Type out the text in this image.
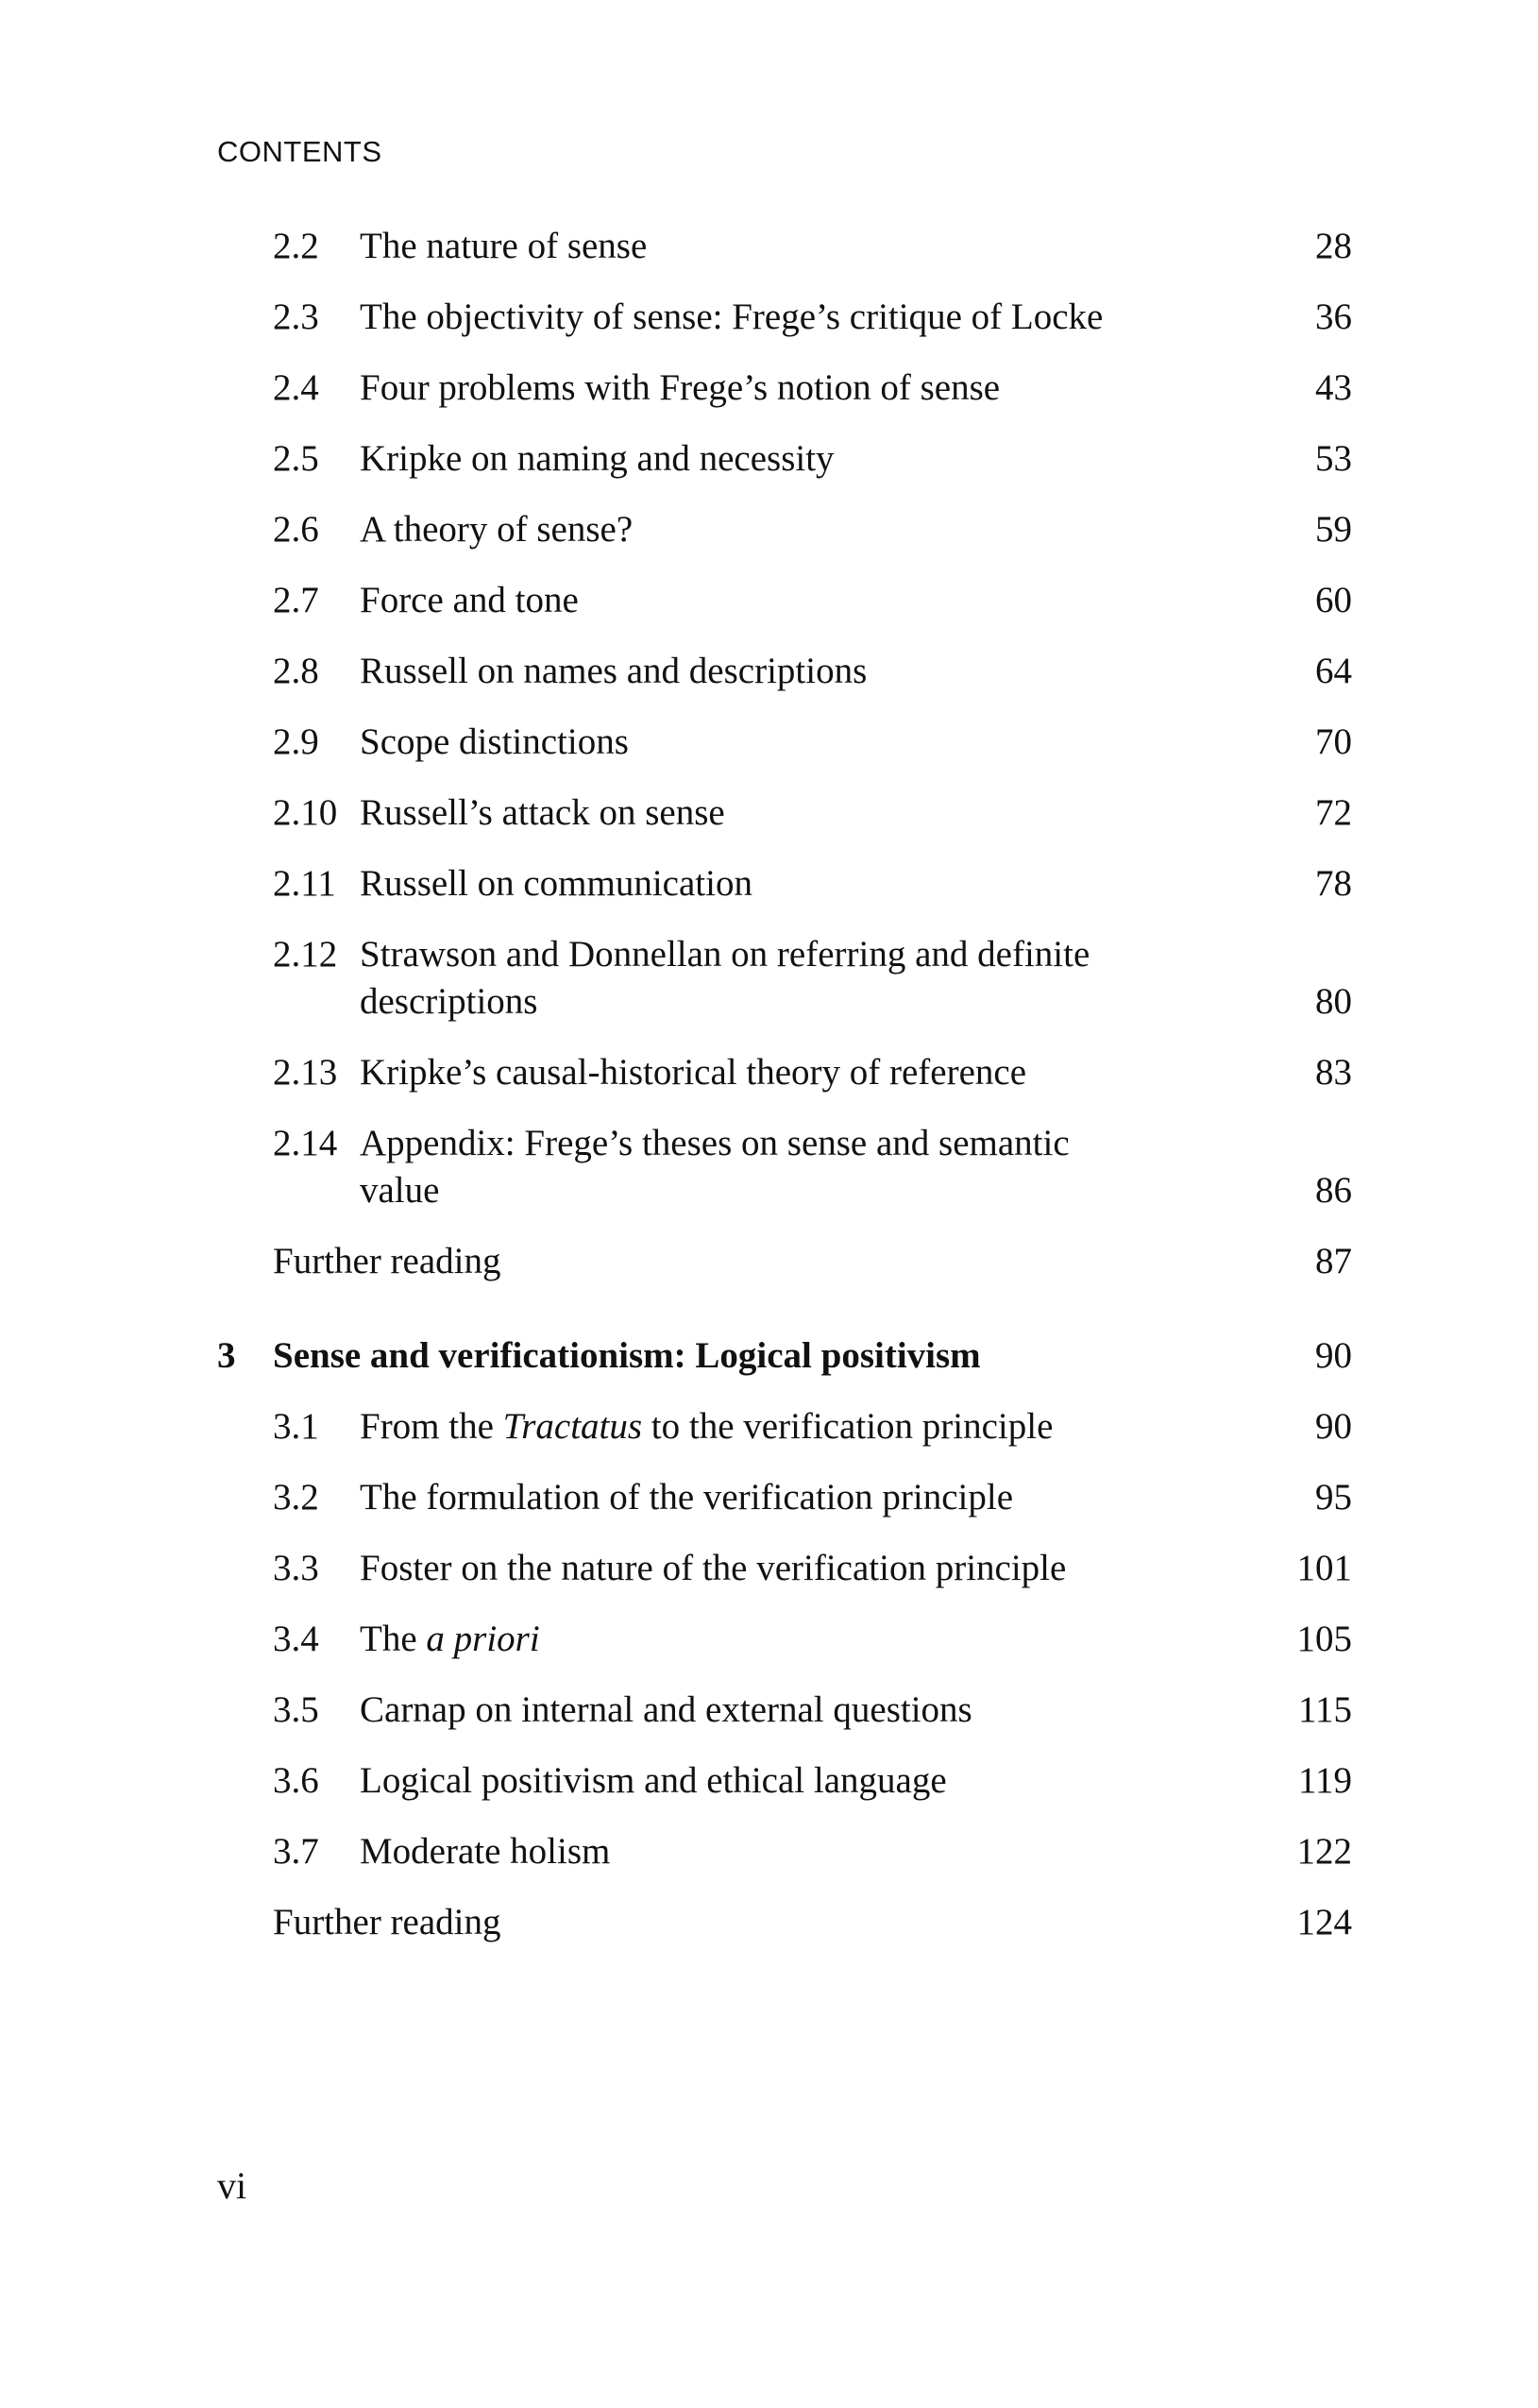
CONTENTS
2.2 The nature of sense	28
2.3 The objectivity of sense: Frege’s critique of Locke	36
2.4 Four problems with Frege’s notion of sense	43
2.5 Kripke on naming and necessity	53
2.6 A theory of sense?	59
2.7 Force and tone	60
2.8 Russell on names and descriptions	64
2.9 Scope distinctions	70
2.10 Russell’s attack on sense	72
2.11 Russell on communication	78
2.12 Strawson and Donnellan on referring and definite
descriptions	80
2.13 Kripke’s causal-historical theory of reference	83
2.14 Appendix: Frege’s theses on sense and semantic
value	86
Further reading	87
3 Sense and verificationism: Logical positivism	90
3.1 From the Tractatus to the verification principle	90
3.2 The formulation of the verification principle	95
3.3 Foster on the nature of the verification principle	101
3.4 The a priori	105
3.5 Carnap on internal and external questions	115
3.6 Logical positivism and ethical language	119
3.7 Moderate holism	122
Further reading	124
vi
